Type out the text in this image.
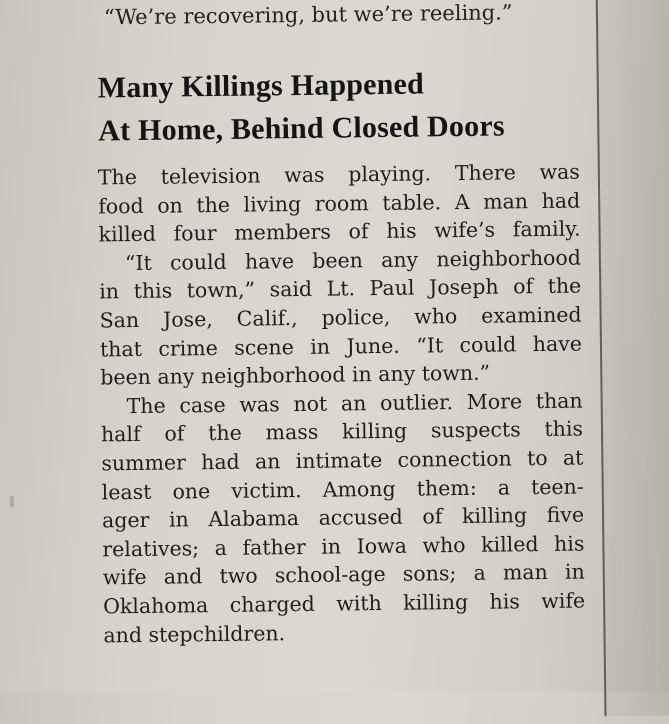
“We’re recovering, but we’re reeling.”
Many Killings Happened
At Home, Behind Closed Doors
The television was playing. There was
food on the living room table. A man had
killed four members of his wife’s family.
“It could have been any neighborhood
in this town,” said Lt. Paul Joseph of the
San Jose, Calif., police, who examined
that crime scene in June. “It could have
been any neighborhood in any town.”
The case was not an outlier. More than
half of the mass killing suspects this
summer had an intimate connection to at
least one victim. Among them: a teen-
ager in Alabama accused of killing five
relatives; a father in Iowa who killed his
wife and two school-age sons; a man in
Oklahoma charged with killing his wife
and stepchildren.
